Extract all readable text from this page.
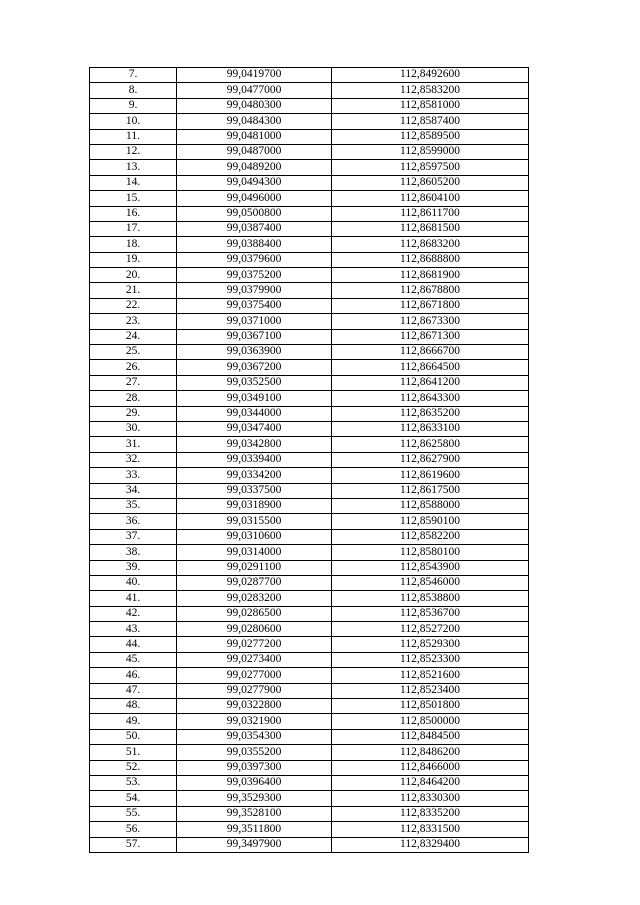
7.	99,0419700	112,8492600
8.	99,0477000	112,8583200
9.	99,0480300	112,8581000
10.	99,0484300	112,8587400
11.	99,0481000	112,8589500
12.	99,0487000	112,8599000
13.	99,0489200	112,8597500
14.	99,0494300	112,8605200
15.	99,0496000	112,8604100
16.	99,0500800	112,8611700
17.	99,0387400	112,8681500
18.	99,0388400	112,8683200
19.	99,0379600	112,8688800
20.	99,0375200	112,8681900
21.	99,0379900	112,8678800
22.	99,0375400	112,8671800
23.	99,0371000	112,8673300
24.	99,0367100	112,8671300
25.	99,0363900	112,8666700
26.	99,0367200	112,8664500
27.	99,0352500	112,8641200
28.	99,0349100	112,8643300
29.	99,0344000	112,8635200
30.	99,0347400	112,8633100
31.	99,0342800	112,8625800
32.	99,0339400	112,8627900
33.	99,0334200	112,8619600
34.	99,0337500	112,8617500
35.	99,0318900	112,8588000
36.	99,0315500	112,8590100
37.	99,0310600	112,8582200
38.	99,0314000	112,8580100
39.	99,0291100	112,8543900
40.	99,0287700	112,8546000
41.	99,0283200	112,8538800
42.	99,0286500	112,8536700
43.	99,0280600	112,8527200
44.	99,0277200	112,8529300
45.	99,0273400	112,8523300
46.	99,0277000	112,8521600
47.	99,0277900	112,8523400
48.	99,0322800	112,8501800
49.	99,0321900	112,8500000
50.	99,0354300	112,8484500
51.	99,0355200	112,8486200
52.	99,0397300	112,8466000
53.	99,0396400	112,8464200
54.	99,3529300	112,8330300
55.	99,3528100	112,8335200
56.	99,3511800	112,8331500
57.	99,3497900	112,8329400
